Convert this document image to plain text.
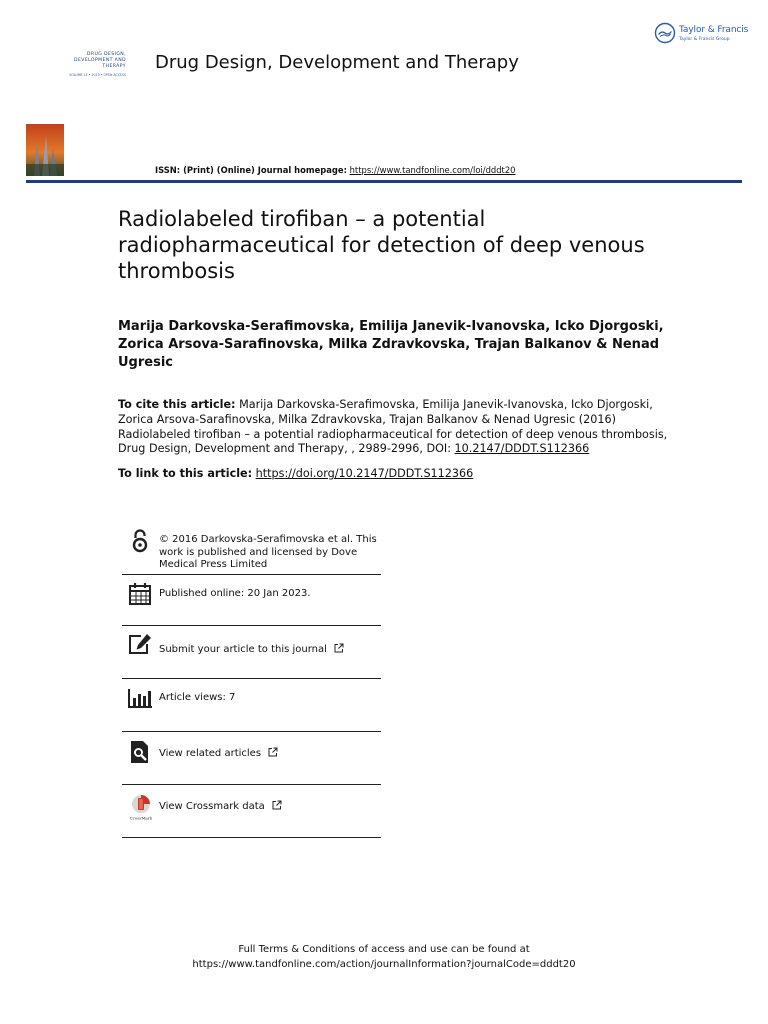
Taylor & Francis
Taylor & Francis Group
DRUG DESIGN,
DEVELOPMENT AND
THERAPY
VOLUME 13 • 2019 • OPEN ACCESS
Drug Design, Development and Therapy
ISSN: (Print) (Online) Journal homepage: https://www.tandfonline.com/loi/dddt20
Radiolabeled tirofiban – a potential radiopharmaceutical for detection of deep venous thrombosis
Marija Darkovska-Serafimovska, Emilija Janevik-Ivanovska, Icko Djorgoski, Zorica Arsova-Sarafinovska, Milka Zdravkovska, Trajan Balkanov & Nenad Ugresic
To cite this article: Marija Darkovska-Serafimovska, Emilija Janevik-Ivanovska, Icko Djorgoski, Zorica Arsova-Sarafinovska, Milka Zdravkovska, Trajan Balkanov & Nenad Ugresic (2016) Radiolabeled tirofiban – a potential radiopharmaceutical for detection of deep venous thrombosis, Drug Design, Development and Therapy, , 2989-2996, DOI: 10.2147/DDDT.S112366
To link to this article: https://doi.org/10.2147/DDDT.S112366
© 2016 Darkovska-Serafimovska et al. This work is published and licensed by Dove Medical Press Limited
Published online: 20 Jan 2023.
Submit your article to this journal
Article views: 7
View related articles
CrossMark
View Crossmark data
Full Terms & Conditions of access and use can be found at
https://www.tandfonline.com/action/journalInformation?journalCode=dddt20
